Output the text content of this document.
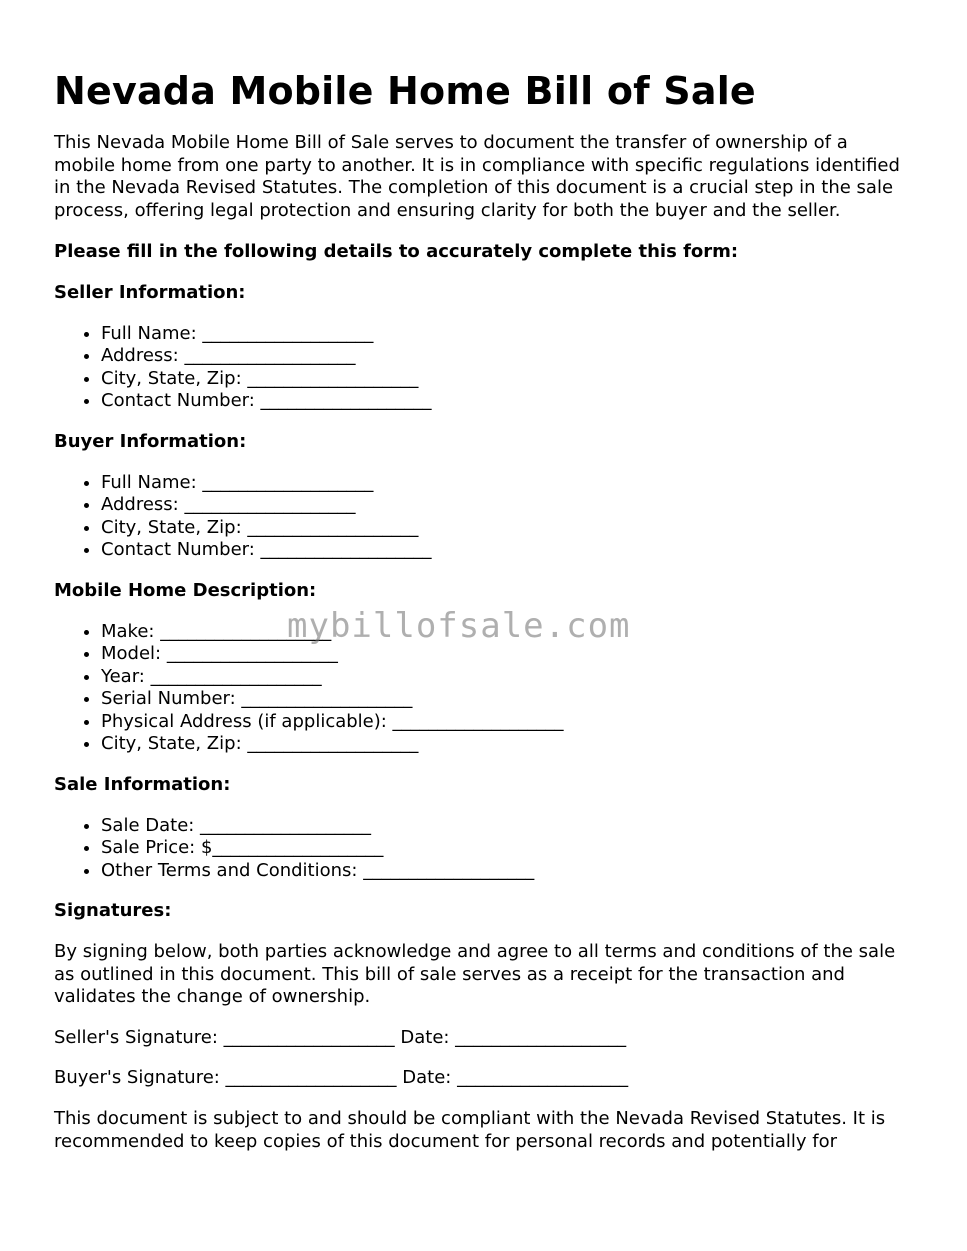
Nevada Mobile Home Bill of Sale

This Nevada Mobile Home Bill of Sale serves to document the transfer of ownership of a mobile home from one party to another. It is in compliance with specific regulations identified in the Nevada Revised Statutes. The completion of this document is a crucial step in the sale process, offering legal protection and ensuring clarity for both the buyer and the seller.

Please fill in the following details to accurately complete this form:
Seller Information:
• Full Name: ___________________
• Address: ___________________
• City, State, Zip: ___________________
• Contact Number: ___________________
Buyer Information:
• Full Name: ___________________
• Address: ___________________
• City, State, Zip: ___________________
• Contact Number: ___________________
Mobile Home Description:
• Make: ___________________
• Model: ___________________
• Year: ___________________
• Serial Number: ___________________
• Physical Address (if applicable): ___________________
• City, State, Zip: ___________________
Sale Information:
• Sale Date: ___________________
• Sale Price: $___________________
• Other Terms and Conditions: ___________________
Signatures:

By signing below, both parties acknowledge and agree to all terms and conditions of the sale as outlined in this document. This bill of sale serves as a receipt for the transaction and validates the change of ownership.

Seller's Signature: ___________________ Date: ___________________

Buyer's Signature: ___________________ Date: ___________________

This document is subject to and should be compliant with the Nevada Revised Statutes. It is recommended to keep copies of this document for personal records and potentially for

mybillofsale.com
